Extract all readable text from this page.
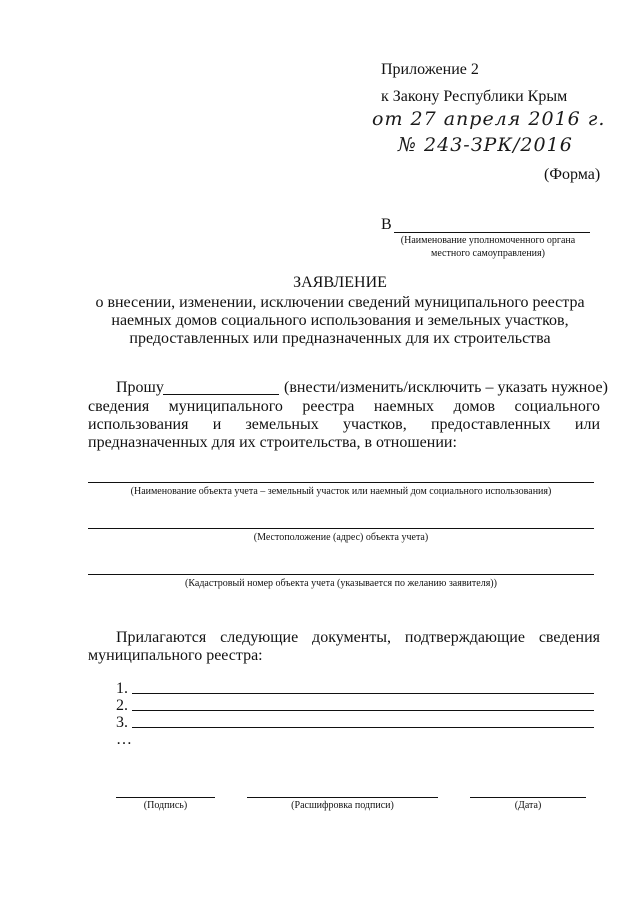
Приложение 2
к Закону Республики Крым
от 27 апреля 2016 г.
№ 243-ЗРК/2016
(Форма)
В
(Наименование уполномоченного органа
местного самоуправления)
ЗАЯВЛЕНИЕ
о внесении, изменении, исключении сведений муниципального реестра
наемных домов социального использования и земельных участков,
предоставленных или предназначенных для их строительства
Прошу	(внести/изменить/исключить – указать нужное)
сведения муниципального реестра наемных домов социального
использования и земельных участков, предоставленных или
предназначенных для их строительства, в отношении:
(Наименование объекта учета – земельный участок или наемный дом социального использования)
(Местоположение (адрес) объекта учета)
(Кадастровый номер объекта учета (указывается по желанию заявителя))
Прилагаются следующие документы, подтверждающие сведения
муниципального реестра:
1.
2.
3.
…
(Подпись)	(Расшифровка подписи)	(Дата)
